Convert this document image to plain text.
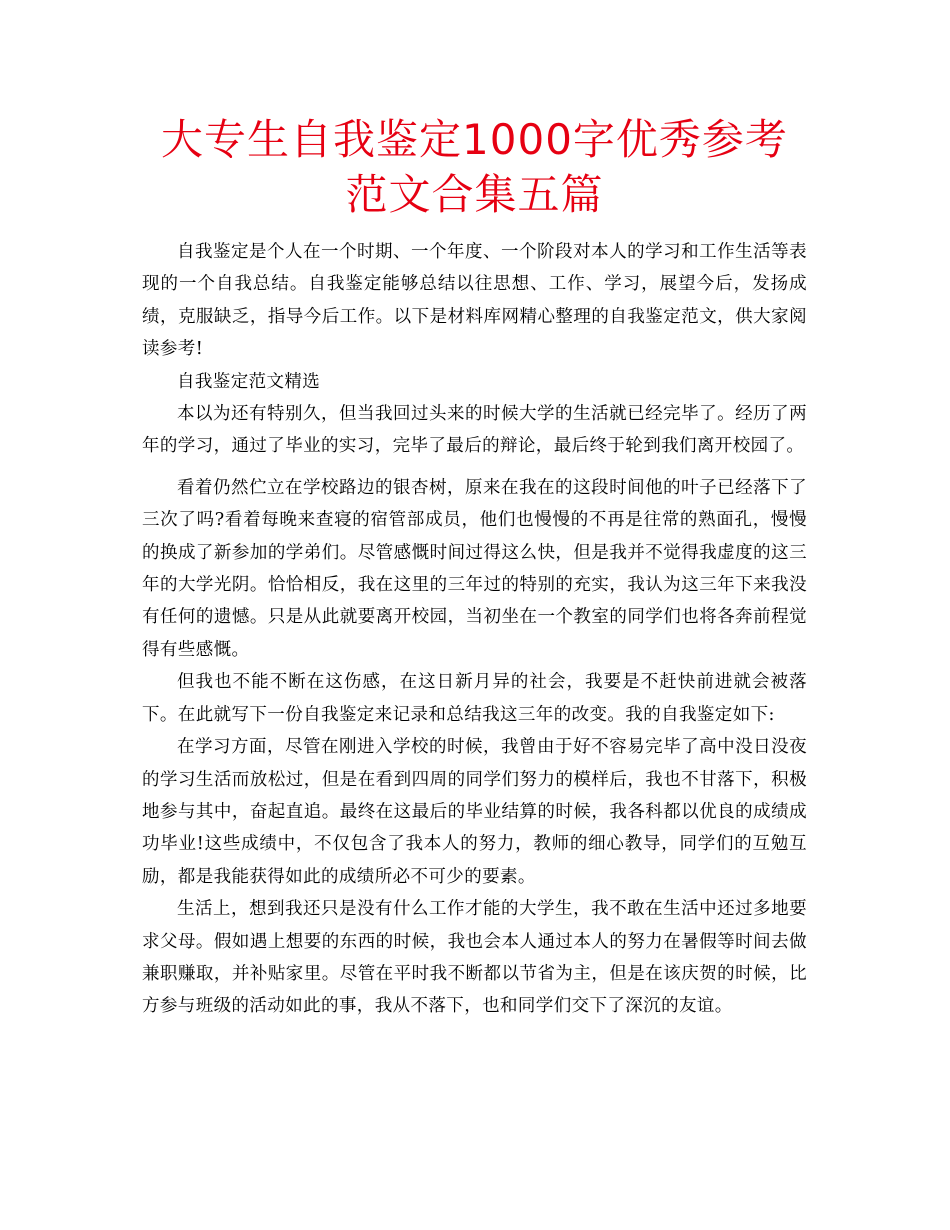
大专生自我鉴定1000字优秀参考范文合集五篇

自我鉴定是个人在一个时期、一个年度、一个阶段对本人的学习和工作生活等表现的一个自我总结。自我鉴定能够总结以往思想、工作、学习，展望今后，发扬成绩，克服缺乏，指导今后工作。以下是材料库网精心整理的自我鉴定范文，供大家阅读参考!

自我鉴定范文精选

本以为还有特别久，但当我回过头来的时候大学的生活就已经完毕了。经历了两年的学习，通过了毕业的实习，完毕了最后的辩论，最后终于轮到我们离开校园了。

看着仍然伫立在学校路边的银杏树，原来在我在的这段时间他的叶子已经落下了三次了吗?看着每晚来查寝的宿管部成员，他们也慢慢的不再是往常的熟面孔，慢慢的换成了新参加的学弟们。尽管感慨时间过得这么快，但是我并不觉得我虚度的这三年的大学光阴。恰恰相反，我在这里的三年过的特别的充实，我认为这三年下来我没有任何的遗憾。只是从此就要离开校园，当初坐在一个教室的同学们也将各奔前程觉得有些感慨。

但我也不能不断在这伤感，在这日新月异的社会，我要是不赶快前进就会被落下。在此就写下一份自我鉴定来记录和总结我这三年的改变。我的自我鉴定如下:

在学习方面，尽管在刚进入学校的时候，我曾由于好不容易完毕了高中没日没夜的学习生活而放松过，但是在看到四周的同学们努力的模样后，我也不甘落下，积极地参与其中，奋起直追。最终在这最后的毕业结算的时候，我各科都以优良的成绩成功毕业!这些成绩中，不仅包含了我本人的努力，教师的细心教导，同学们的互勉互励，都是我能获得如此的成绩所必不可少的要素。

生活上，想到我还只是没有什么工作才能的大学生，我不敢在生活中还过多地要求父母。假如遇上想要的东西的时候，我也会本人通过本人的努力在暑假等时间去做兼职赚取，并补贴家里。尽管在平时我不断都以节省为主，但是在该庆贺的时候，比方参与班级的活动如此的事，我从不落下，也和同学们交下了深沉的友谊。
